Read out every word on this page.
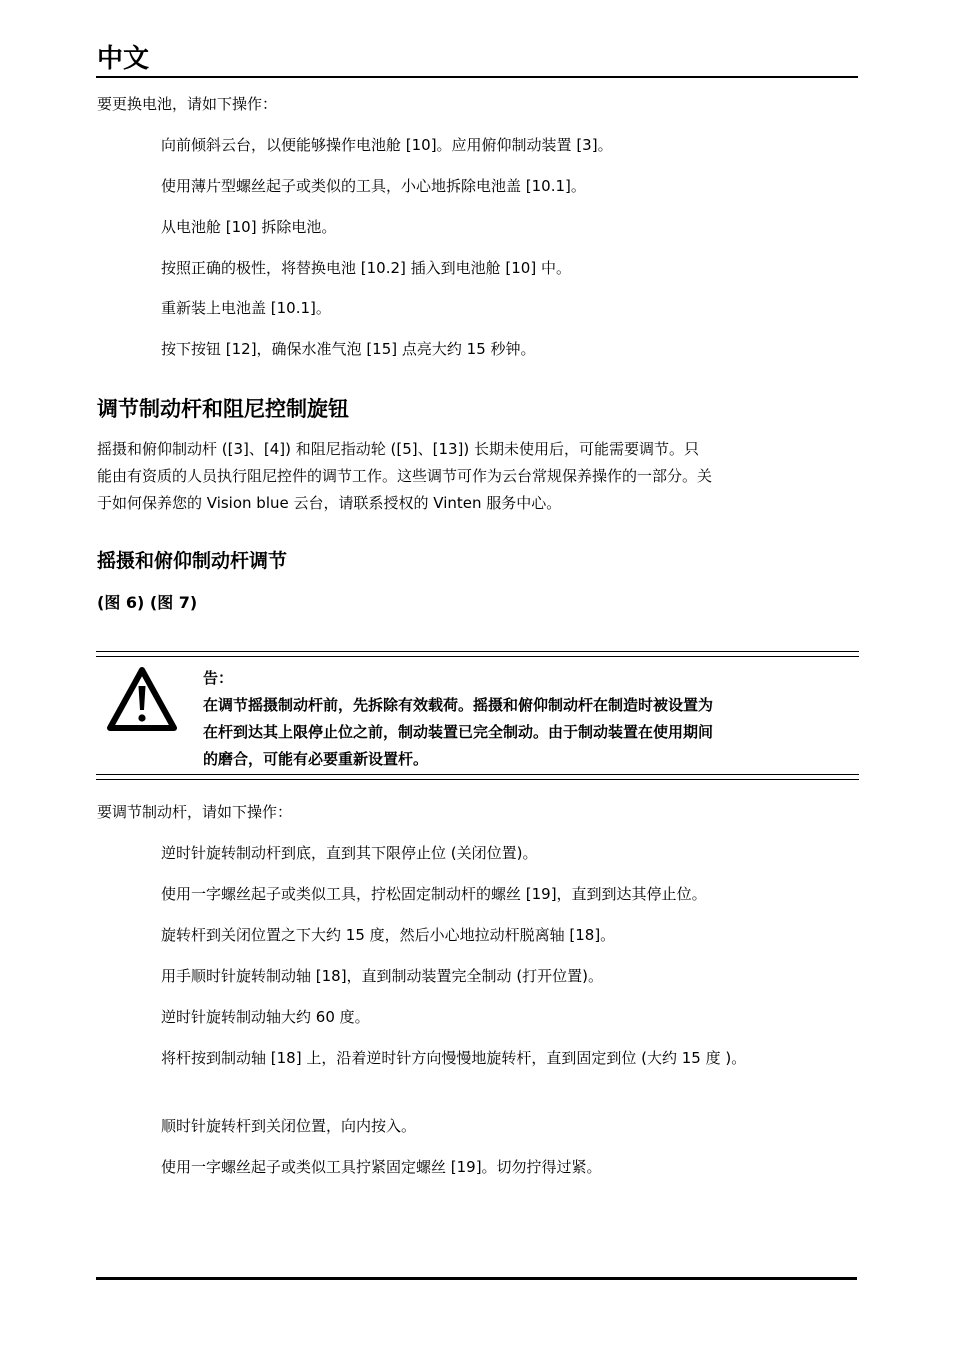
中文

要更换电池，请如下操作：

向前倾斜云台，以便能够操作电池舱 [10]。应用俯仰制动装置 [3]。

使用薄片型螺丝起子或类似的工具，小心地拆除电池盖 [10.1]。

从电池舱 [10] 拆除电池。

按照正确的极性，将替换电池 [10.2] 插入到电池舱 [10] 中。

重新装上电池盖 [10.1]。

按下按钮 [12]，确保水准气泡 [15] 点亮大约 15 秒钟。

调节制动杆和阻尼控制旋钮

摇摄和俯仰制动杆 ([3]、[4]) 和阻尼指动轮 ([5]、[13]) 长期未使用后，可能需要调节。只
能由有资质的人员执行阻尼控件的调节工作。这些调节可作为云台常规保养操作的一部分。关
于如何保养您的 Vision blue 云台，请联系授权的 Vinten 服务中心。

摇摄和俯仰制动杆调节

(图 6) (图 7)

告：
在调节摇摄制动杆前，先拆除有效载荷。摇摄和俯仰制动杆在制造时被设置为
在杆到达其上限停止位之前，制动装置已完全制动。由于制动装置在使用期间
的磨合，可能有必要重新设置杆。

要调节制动杆，请如下操作：

逆时针旋转制动杆到底，直到其下限停止位 (关闭位置)。

使用一字螺丝起子或类似工具，拧松固定制动杆的螺丝 [19]，直到到达其停止位。

旋转杆到关闭位置之下大约 15 度，然后小心地拉动杆脱离轴 [18]。

用手顺时针旋转制动轴 [18]，直到制动装置完全制动 (打开位置)。

逆时针旋转制动轴大约 60 度。

将杆按到制动轴 [18] 上，沿着逆时针方向慢慢地旋转杆，直到固定到位 (大约 15 度 )。

顺时针旋转杆到关闭位置，向内按入。

使用一字螺丝起子或类似工具拧紧固定螺丝 [19]。切勿拧得过紧。
